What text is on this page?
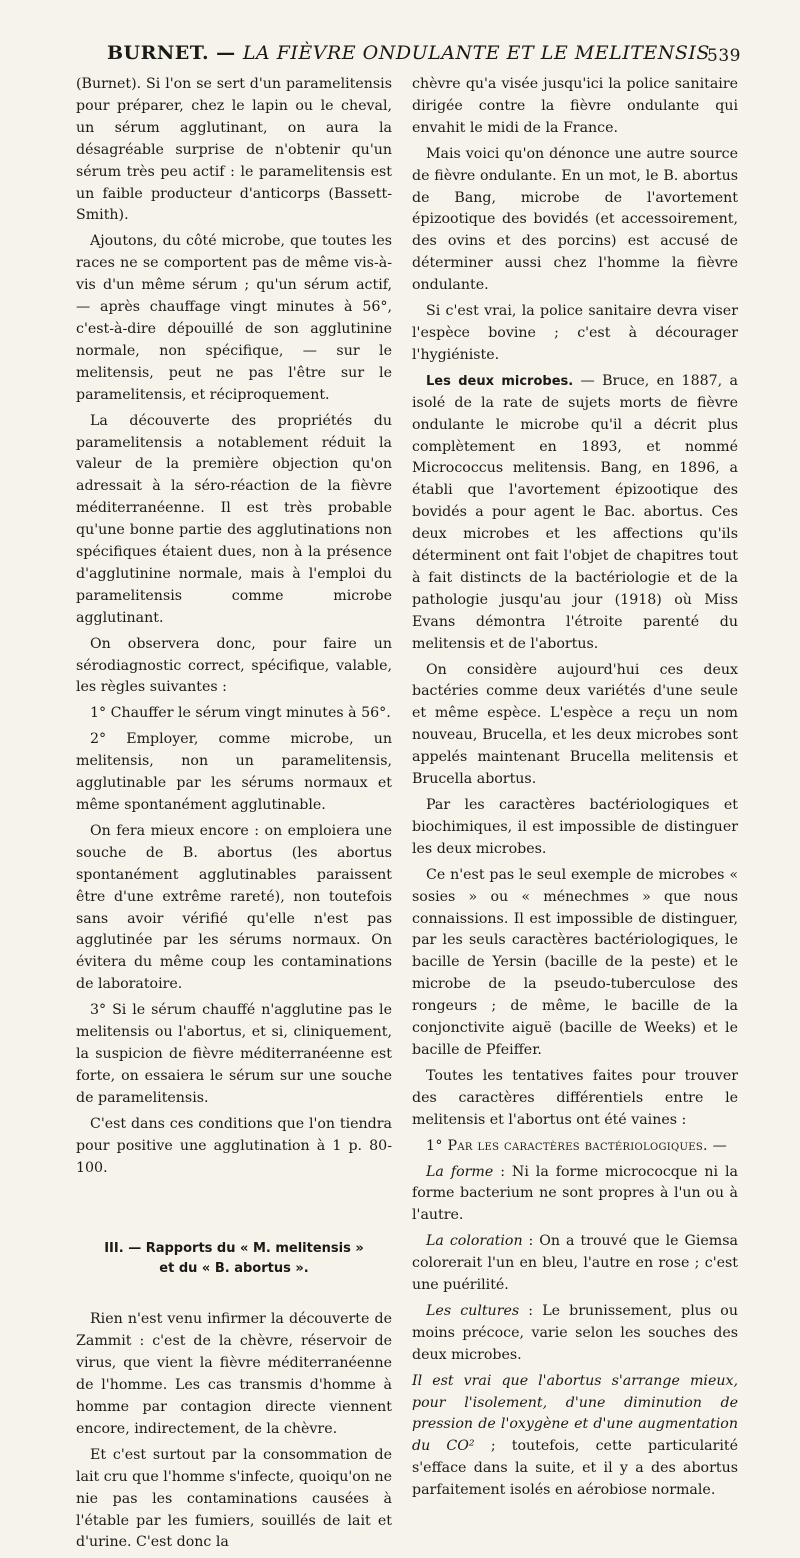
BURNET. — LA FIÈVRE ONDULANTE ET LE MELITENSIS
539

(Burnet). Si l'on se sert d'un paramelitensis pour préparer, chez le lapin ou le cheval, un sérum agglutinant, on aura la désagréable surprise de n'obtenir qu'un sérum très peu actif : le paramelitensis est un faible producteur d'anticorps (Bassett-Smith).

Ajoutons, du côté microbe, que toutes les races ne se comportent pas de même vis-à-vis d'un même sérum ; qu'un sérum actif, — après chauffage vingt minutes à 56°, c'est-à-dire dépouillé de son agglutinine normale, non spécifique, — sur le melitensis, peut ne pas l'être sur le paramelitensis, et réciproquement.

La découverte des propriétés du paramelitensis a notablement réduit la valeur de la première objection qu'on adressait à la séro-réaction de la fièvre méditerranéenne. Il est très probable qu'une bonne partie des agglutinations non spécifiques étaient dues, non à la présence d'agglutinine normale, mais à l'emploi du paramelitensis comme microbe agglutinant.

On observera donc, pour faire un sérodiagnostic correct, spécifique, valable, les règles suivantes :

1° Chauffer le sérum vingt minutes à 56°.

2° Employer, comme microbe, un melitensis, non un paramelitensis, agglutinable par les sérums normaux et même spontanément agglutinable.

On fera mieux encore : on emploiera une souche de B. abortus (les abortus spontanément agglutinables paraissent être d'une extrême rareté), non toutefois sans avoir vérifié qu'elle n'est pas agglutinée par les sérums normaux. On évitera du même coup les contaminations de laboratoire.

3° Si le sérum chauffé n'agglutine pas le melitensis ou l'abortus, et si, cliniquement, la suspicion de fièvre méditerranéenne est forte, on essaiera le sérum sur une souche de paramelitensis.

C'est dans ces conditions que l'on tiendra pour positive une agglutination à 1 p. 80-100.

III. — Rapports du « M. melitensis »
et du « B. abortus ».

Rien n'est venu infirmer la découverte de Zammit : c'est de la chèvre, réservoir de virus, que vient la fièvre méditerranéenne de l'homme. Les cas transmis d'homme à homme par contagion directe viennent encore, indirectement, de la chèvre.

Et c'est surtout par la consommation de lait cru que l'homme s'infecte, quoiqu'on ne nie pas les contaminations causées à l'étable par les fumiers, souillés de lait et d'urine. C'est donc la

chèvre qu'a visée jusqu'ici la police sanitaire dirigée contre la fièvre ondulante qui envahit le midi de la France.

Mais voici qu'on dénonce une autre source de fièvre ondulante. En un mot, le B. abortus de Bang, microbe de l'avortement épizootique des bovidés (et accessoirement, des ovins et des porcins) est accusé de déterminer aussi chez l'homme la fièvre ondulante.

Si c'est vrai, la police sanitaire devra viser l'espèce bovine ; c'est à décourager l'hygiéniste.

Les deux microbes. — Bruce, en 1887, a isolé de la rate de sujets morts de fièvre ondulante le microbe qu'il a décrit plus complètement en 1893, et nommé Micrococcus melitensis. Bang, en 1896, a établi que l'avortement épizootique des bovidés a pour agent le Bac. abortus. Ces deux microbes et les affections qu'ils déterminent ont fait l'objet de chapitres tout à fait distincts de la bactériologie et de la pathologie jusqu'au jour (1918) où Miss Evans démontra l'étroite parenté du melitensis et de l'abortus.

On considère aujourd'hui ces deux bactéries comme deux variétés d'une seule et même espèce. L'espèce a reçu un nom nouveau, Brucella, et les deux microbes sont appelés maintenant Brucella melitensis et Brucella abortus.

Par les caractères bactériologiques et biochimiques, il est impossible de distinguer les deux microbes.

Ce n'est pas le seul exemple de microbes « sosies » ou « ménechmes » que nous connaissions. Il est impossible de distinguer, par les seuls caractères bactériologiques, le bacille de Yersin (bacille de la peste) et le microbe de la pseudo-tuberculose des rongeurs ; de même, le bacille de la conjonctivite aiguë (bacille de Weeks) et le bacille de Pfeiffer.

Toutes les tentatives faites pour trouver des caractères différentiels entre le melitensis et l'abortus ont été vaines :

1° Par les caractères bactériologiques. —

La forme : Ni la forme micrococque ni la forme bacterium ne sont propres à l'un ou à l'autre.

La coloration : On a trouvé que le Giemsa colorerait l'un en bleu, l'autre en rose ; c'est une puérilité.

Les cultures : Le brunissement, plus ou moins précoce, varie selon les souches des deux microbes.

Il est vrai que l'abortus s'arrange mieux, pour l'isolement, d'une diminution de pression de l'oxygène et d'une augmentation du CO² ; toutefois, cette particularité s'efface dans la suite, et il y a des abortus parfaitement isolés en aérobiose normale.
